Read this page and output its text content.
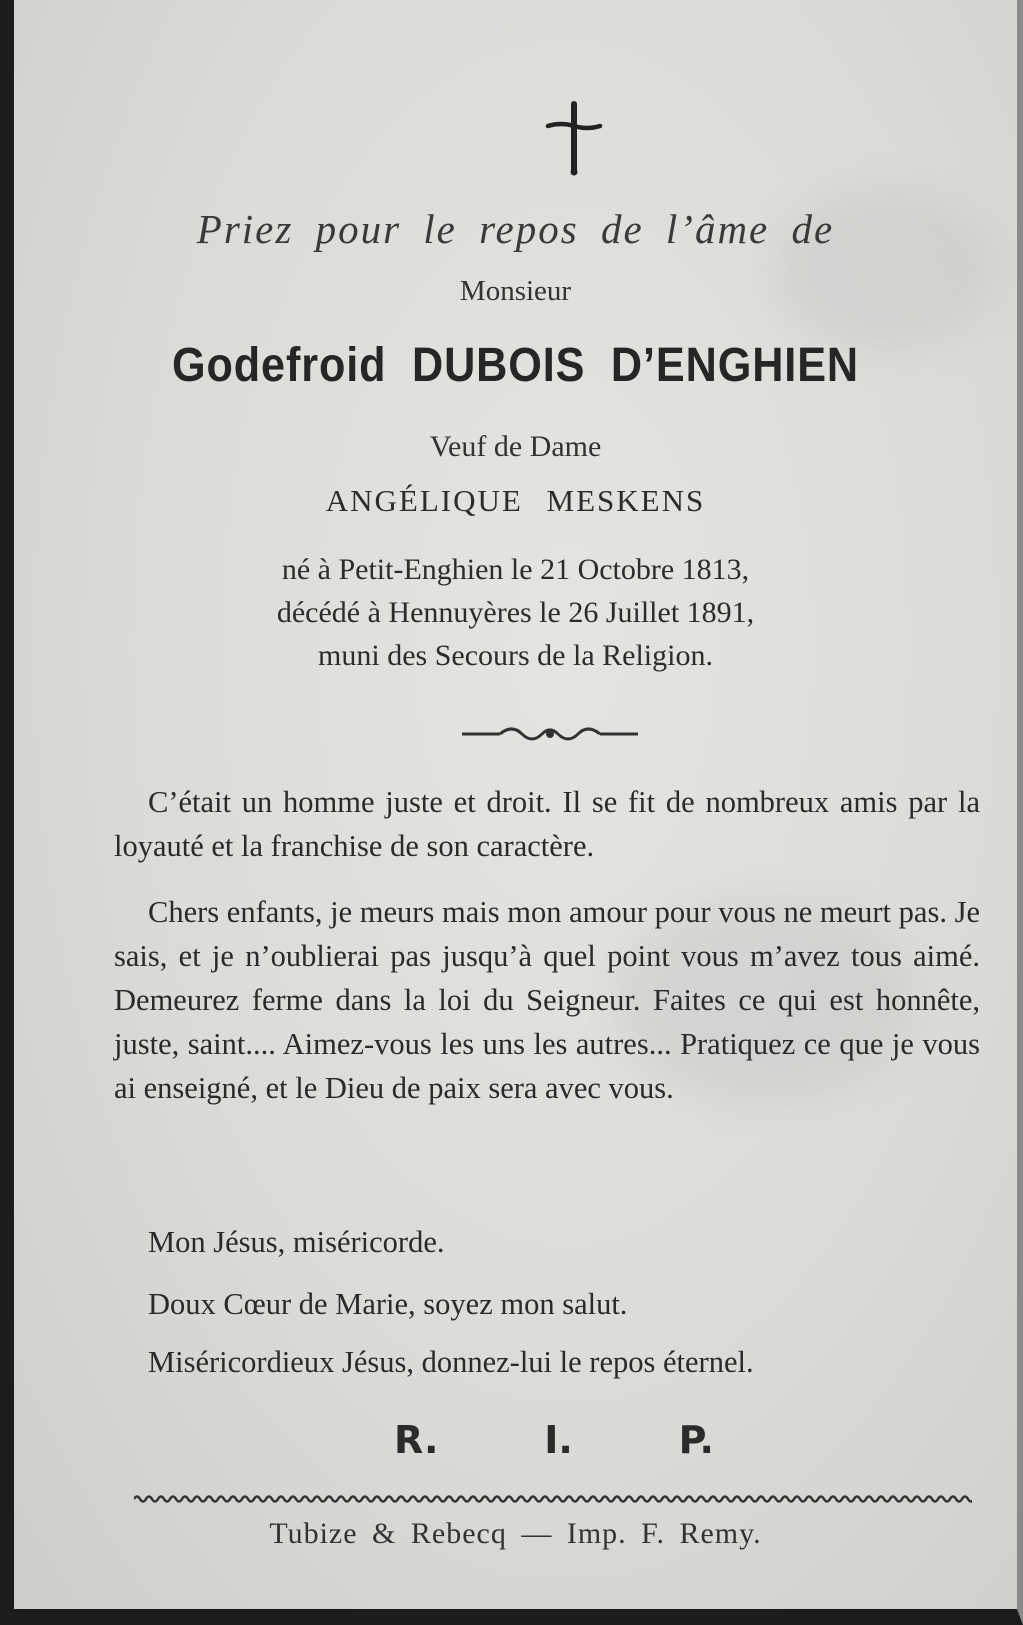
Priez pour le repos de l’âme de
Monsieur
Godefroid DUBOIS D’ENGHIEN
Veuf de Dame
ANGÉLIQUE MESKENS
né à Petit-Enghien le 21 Octobre 1813,
décédé à Hennuyères le 26 Juillet 1891,
muni des Secours de la Religion.
C’était un homme juste et droit. Il se fit de nombreux amis par la loyauté et la franchise de son caractère.
Chers enfants, je meurs mais mon amour pour vous ne meurt pas. Je sais, et je n’oublierai pas jusqu’à quel point vous m’avez tous aimé. Demeurez ferme dans la loi du Seigneur. Faites ce qui est honnête, juste, saint.... Aimez-vous les uns les autres... Pratiquez ce que je vous ai enseigné, et le Dieu de paix sera avec vous.
Mon Jésus, miséricorde.
Doux Cœur de Marie, soyez mon salut.
Miséricordieux Jésus, donnez-lui le repos éternel.
R.	I.	P.
Tubize & Rebecq — Imp. F. Remy.
